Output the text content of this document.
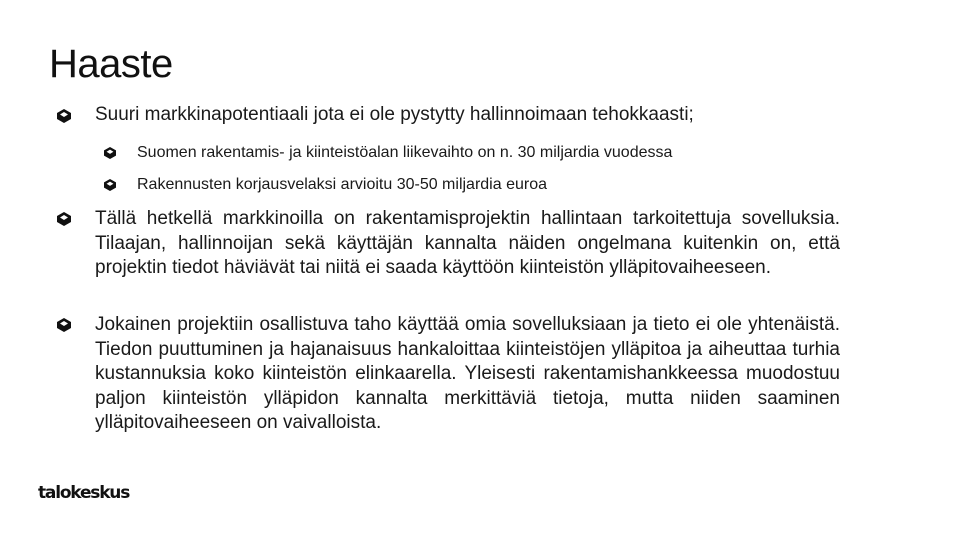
Haaste
Suuri markkinapotentiaali jota ei ole pystytty hallinnoimaan tehokkaasti;
Suomen rakentamis- ja kiinteistöalan liikevaihto on n. 30 miljardia vuodessa
Rakennusten korjausvelaksi arvioitu 30-50 miljardia euroa
Tällä hetkellä markkinoilla on rakentamisprojektin hallintaan tarkoitettuja sovelluksia. Tilaajan, hallinnoijan sekä käyttäjän kannalta näiden ongelmana kuitenkin on, että projektin tiedot häviävät tai niitä ei saada käyttöön kiinteistön ylläpitovaiheeseen.
Jokainen projektiin osallistuva taho käyttää omia sovelluksiaan ja tieto ei ole yhtenäistä. Tiedon puuttuminen ja hajanaisuus hankaloittaa kiinteistöjen ylläpitoa ja aiheuttaa turhia kustannuksia koko kiinteistön elinkaarella. Yleisesti rakentamishankkeessa muodostuu paljon kiinteistön ylläpidon kannalta merkittäviä tietoja, mutta niiden saaminen ylläpitovaiheeseen on vaivalloista.
talokeskus
